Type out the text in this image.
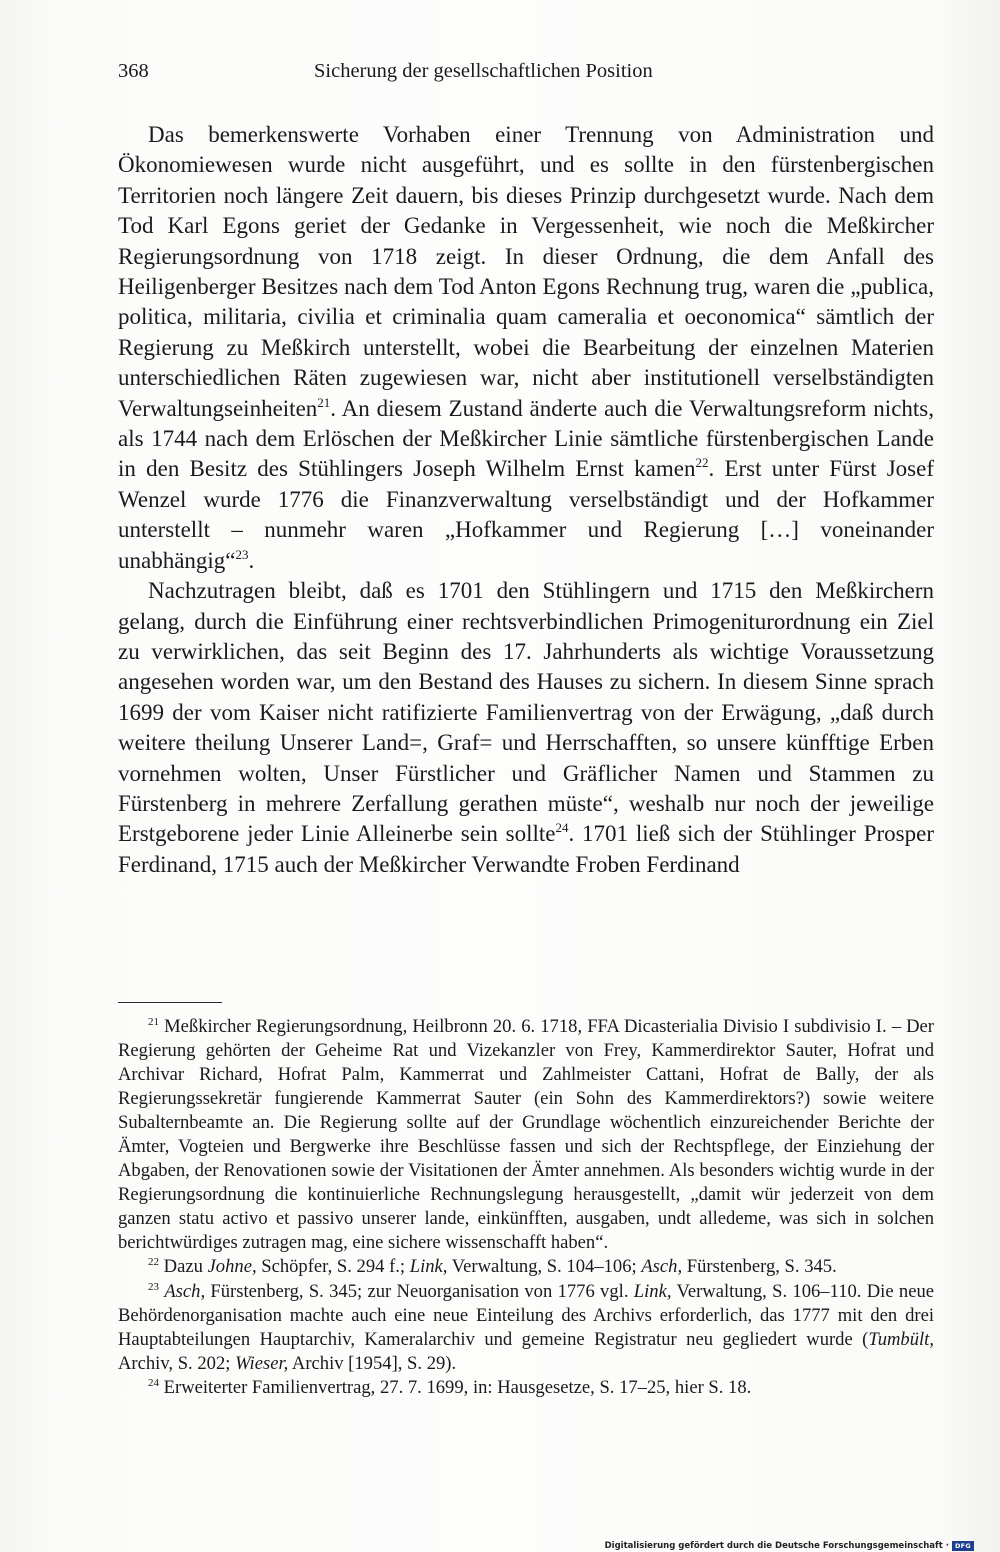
368	Sicherung der gesellschaftlichen Position

Das bemerkenswerte Vorhaben einer Trennung von Administration und Ökonomiewesen wurde nicht ausgeführt, und es sollte in den fürstenbergischen Territorien noch längere Zeit dauern, bis dieses Prinzip durchgesetzt wurde. Nach dem Tod Karl Egons geriet der Gedanke in Vergessenheit, wie noch die Meßkircher Regierungsordnung von 1718 zeigt. In dieser Ordnung, die dem Anfall des Heiligenberger Besitzes nach dem Tod Anton Egons Rechnung trug, waren die „publica, politica, militaria, civilia et criminalia quam cameralia et oeconomica“ sämtlich der Regierung zu Meßkirch unterstellt, wobei die Bearbeitung der einzelnen Materien unterschiedlichen Räten zugewiesen war, nicht aber institutionell verselbständigten Verwaltungseinheiten$^{21}$. An diesem Zustand änderte auch die Verwaltungsreform nichts, als 1744 nach dem Erlöschen der Meßkircher Linie sämtliche fürstenbergischen Lande in den Besitz des Stühlingers Joseph Wilhelm Ernst kamen$^{22}$. Erst unter Fürst Josef Wenzel wurde 1776 die Finanzverwaltung verselbständigt und der Hofkammer unterstellt – nunmehr waren „Hofkammer und Regierung […] voneinander unabhängig“$^{23}$.

Nachzutragen bleibt, daß es 1701 den Stühlingern und 1715 den Meßkirchern gelang, durch die Einführung einer rechtsverbindlichen Primogeniturordnung ein Ziel zu verwirklichen, das seit Beginn des 17. Jahrhunderts als wichtige Voraussetzung angesehen worden war, um den Bestand des Hauses zu sichern. In diesem Sinne sprach 1699 der vom Kaiser nicht ratifizierte Familienvertrag von der Erwägung, „daß durch weitere theilung Unserer Land=, Graf= und Herrschafften, so unsere künfftige Erben vornehmen wolten, Unser Fürstlicher und Gräflicher Namen und Stammen zu Fürstenberg in mehrere Zerfallung gerathen müste“, weshalb nur noch der jeweilige Erstgeborene jeder Linie Alleinerbe sein sollte$^{24}$. 1701 ließ sich der Stühlinger Prosper Ferdinand, 1715 auch der Meßkircher Verwandte Froben Ferdinand

$^{21}$ Meßkircher Regierungsordnung, Heilbronn 20. 6. 1718, FFA Dicasterialia Divisio I subdivisio I. – Der Regierung gehörten der Geheime Rat und Vizekanzler von Frey, Kammerdirektor Sauter, Hofrat und Archivar Richard, Hofrat Palm, Kammerrat und Zahlmeister Cattani, Hofrat de Bally, der als Regierungssekretär fungierende Kammerrat Sauter (ein Sohn des Kammerdirektors?) sowie weitere Subalternbeamte an. Die Regierung sollte auf der Grundlage wöchentlich einzureichender Berichte der Ämter, Vogteien und Bergwerke ihre Beschlüsse fassen und sich der Rechtspflege, der Einziehung der Abgaben, der Renovationen sowie der Visitationen der Ämter annehmen. Als besonders wichtig wurde in der Regierungsordnung die kontinuierliche Rechnungslegung herausgestellt, „damit wür jederzeit von dem ganzen statu activo et passivo unserer lande, einkünfften, ausgaben, undt alledeme, was sich in solchen berichtwürdiges zutragen mag, eine sichere wissenschafft haben“.

$^{22}$ Dazu Johne, Schöpfer, S. 294 f.; Link, Verwaltung, S. 104–106; Asch, Fürstenberg, S. 345.

$^{23}$ Asch, Fürstenberg, S. 345; zur Neuorganisation von 1776 vgl. Link, Verwaltung, S. 106–110. Die neue Behördenorganisation machte auch eine neue Einteilung des Archivs erforderlich, das 1777 mit den drei Hauptabteilungen Hauptarchiv, Kameralarchiv und gemeine Registratur neu gegliedert wurde (Tumbült, Archiv, S. 202; Wieser, Archiv [1954], S. 29).

$^{24}$ Erweiterter Familienvertrag, 27. 7. 1699, in: Hausgesetze, S. 17–25, hier S. 18.

Digitalisierung gefördert durch die Deutsche Forschungsgemeinschaft · DFG
